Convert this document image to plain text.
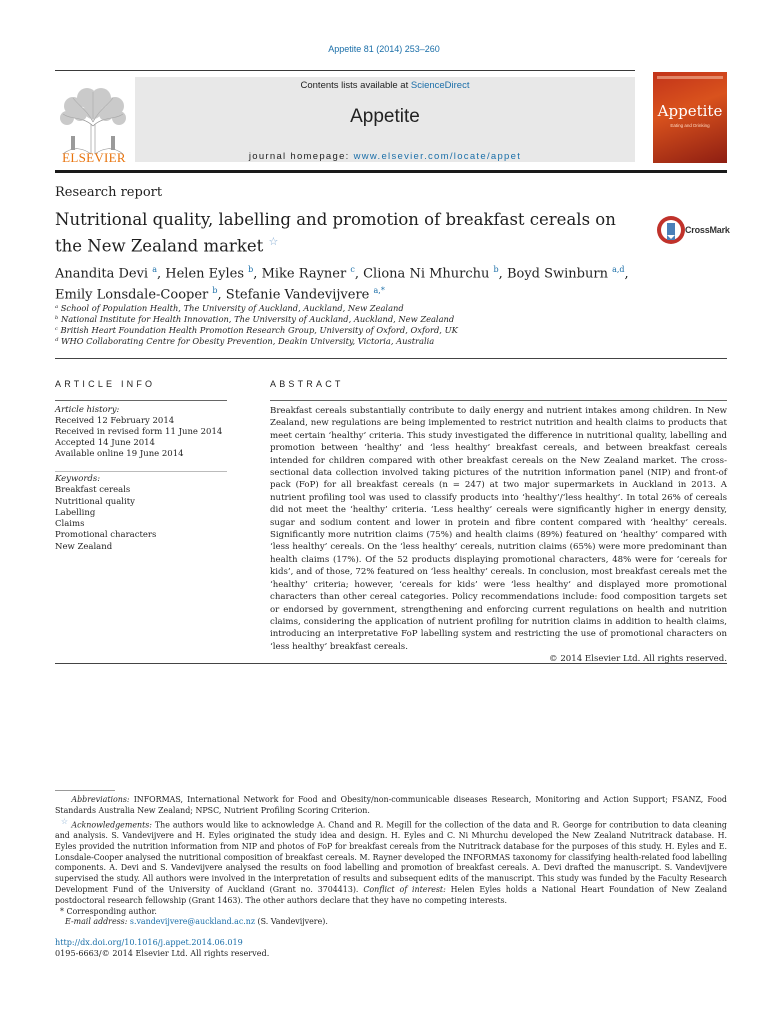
Appetite 81 (2014) 253–260
ELSEVIER
Contents lists available at ScienceDirect
Appetite
journal homepage: www.elsevier.com/locate/appet
Appetite
Eating and Drinking
Research report
Nutritional quality, labelling and promotion of breakfast cereals on the New Zealand market ☆
CrossMark
Anandita Devi $^a$, Helen Eyles $^b$, Mike Rayner $^c$, Cliona Ni Mhurchu $^b$, Boyd Swinburn $^{a,d}$,
Emily Lonsdale-Cooper $^b$, Stefanie Vandevijvere $^{a,*}$
ᵃ School of Population Health, The University of Auckland, Auckland, New Zealand
ᵇ National Institute for Health Innovation, The University of Auckland, Auckland, New Zealand
ᶜ British Heart Foundation Health Promotion Research Group, University of Oxford, Oxford, UK
ᵈ WHO Collaborating Centre for Obesity Prevention, Deakin University, Victoria, Australia
ARTICLE INFO
Article history:
Received 12 February 2014
Received in revised form 11 June 2014
Accepted 14 June 2014
Available online 19 June 2014
Keywords:
Breakfast cereals
Nutritional quality
Labelling
Claims
Promotional characters
New Zealand
ABSTRACT
Breakfast cereals substantially contribute to daily energy and nutrient intakes among children. In New Zealand, new regulations are being implemented to restrict nutrition and health claims to products that meet certain ‘healthy’ criteria. This study investigated the difference in nutritional quality, labelling and promotion between ‘healthy’ and ‘less healthy’ breakfast cereals, and between breakfast cereals intended for children compared with other breakfast cereals on the New Zealand market. The cross-sectional data collection involved taking pictures of the nutrition information panel (NIP) and front-of pack (FoP) for all breakfast cereals (n = 247) at two major supermarkets in Auckland in 2013. A nutrient profiling tool was used to classify products into ‘healthy’/‘less healthy’. In total 26% of cereals did not meet the ‘healthy’ criteria. ‘Less healthy’ cereals were significantly higher in energy density, sugar and sodium content and lower in protein and fibre content compared with ‘healthy’ cereals. Significantly more nutrition claims (75%) and health claims (89%) featured on ‘healthy’ compared with ‘less healthy’ cereals. On the ‘less healthy’ cereals, nutrition claims (65%) were more predominant than health claims (17%). Of the 52 products displaying promotional characters, 48% were for ‘cereals for kids’, and of those, 72% featured on ‘less healthy’ cereals. In conclusion, most breakfast cereals met the ‘healthy’ criteria; however, ‘cereals for kids’ were ‘less healthy’ and displayed more promotional characters than other cereal categories. Policy recommendations include: food composition targets set or endorsed by government, strengthening and enforcing current regulations on health and nutrition claims, considering the application of nutrient profiling for nutrition claims in addition to health claims, introducing an interpretative FoP labelling system and restricting the use of promotional characters on ‘less healthy’ breakfast cereals.
© 2014 Elsevier Ltd. All rights reserved.

Abbreviations: INFORMAS, International Network for Food and Obesity/non-communicable diseases Research, Monitoring and Action Support; FSANZ, Food Standards Australia New Zealand; NPSC, Nutrient Profiling Scoring Criterion.

☆ Acknowledgements: The authors would like to acknowledge A. Chand and R. Megill for the collection of the data and R. George for contribution to data cleaning and analysis. S. Vandevijvere and H. Eyles originated the study idea and design. H. Eyles and C. Ni Mhurchu developed the New Zealand Nutritrack database. H. Eyles provided the nutrition information from NIP and photos of FoP for breakfast cereals from the Nutritrack database for the purposes of this study. H. Eyles and E. Lonsdale-Cooper analysed the nutritional composition of breakfast cereals. M. Rayner developed the INFORMAS taxonomy for classifying health-related food labelling components. A. Devi and S. Vandevijvere analysed the results on food labelling and promotion of breakfast cereals. A. Devi drafted the manuscript. S. Vandevijvere supervised the study. All authors were involved in the interpretation of results and subsequent edits of the manuscript. This study was funded by the Faculty Research Development Fund of the University of Auckland (Grant no. 3704413). Conflict of interest: Helen Eyles holds a National Heart Foundation of New Zealand postdoctoral research fellowship (Grant 1463). The other authors declare that they have no competing interests.

* Corresponding author.

E-mail address: s.vandevijvere@auckland.ac.nz (S. Vandevijvere).

http://dx.doi.org/10.1016/j.appet.2014.06.019

0195-6663/© 2014 Elsevier Ltd. All rights reserved.
